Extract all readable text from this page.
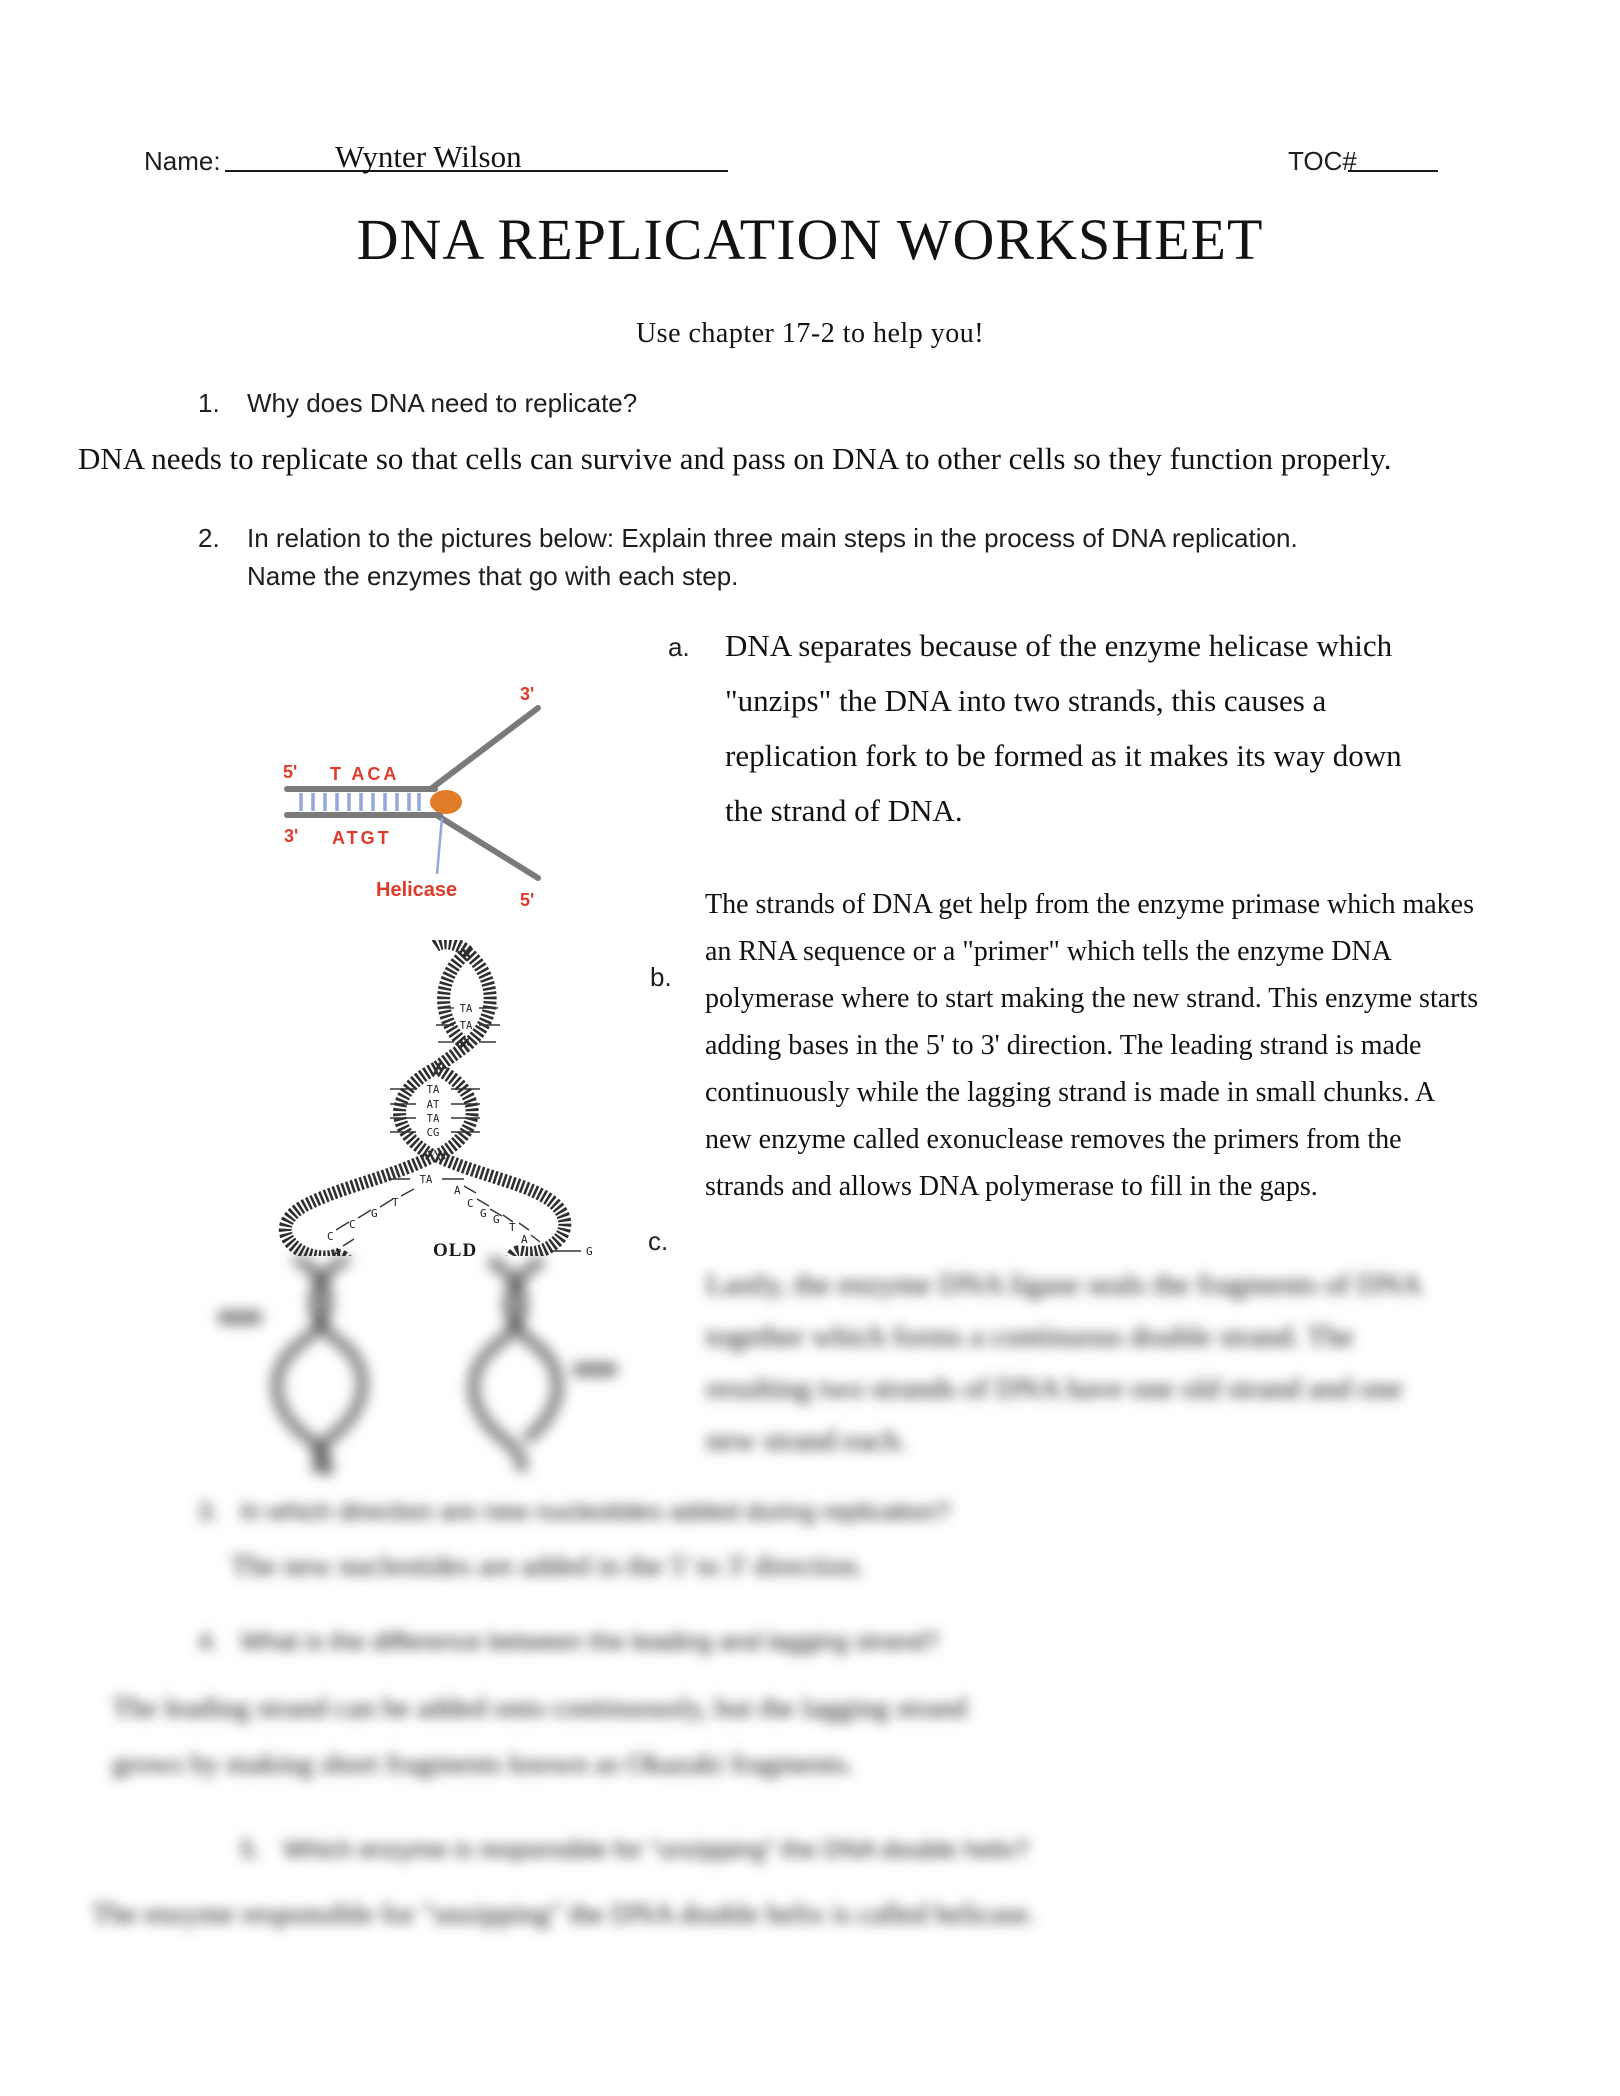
Name:	Wynter Wilson	TOC#
DNA REPLICATION WORKSHEET
Use chapter 17-2 to help you!
1. Why does DNA need to replicate?
DNA needs to replicate so that cells can survive and pass on DNA to other cells so they function properly.
2. In relation to the pictures below: Explain three main steps in the process of DNA replication.
Name the enzymes that go with each step.
5' T ACA
3' ATGT
3'
5'
Helicase
a. DNA separates because of the enzyme helicase which
"unzips" the DNA into two strands, this causes a
replication fork to be formed as it makes its way down
the strand of DNA.
b.
The strands of DNA get help from the enzyme primase which makes
an RNA sequence or a "primer" which tells the enzyme DNA
polymerase where to start making the new strand. This enzyme starts
adding bases in the 5' to 3' direction. The leading strand is made
continuously while the lagging strand is made in small chunks. A
new enzyme called exonuclease removes the primers from the
strands and allows DNA polymerase to fill in the gaps.
TA
TA
GC
TA
AT
TA
CG
TA
T
G
C
C
A
A
C
G G
T
A
OLD	G c.
Lastly, the enzyme DNA ligase seals the fragments of DNA
together which forms a continuous double strand. The
resulting two strands of DNA have one old strand and one
new strand each.
3. In which direction are new nucleotides added during replication?
The new nucleotides are added in the 5' to 3' direction.
4. What is the difference between the leading and lagging strand?
The leading strand can be added onto continuously, but the lagging strand
grows by making short fragments known as Okazaki fragments.
5. Which enzyme is responsible for "unzipping" the DNA double helix?
The enzyme responsible for "unzipping" the DNA double helix is called helicase.
